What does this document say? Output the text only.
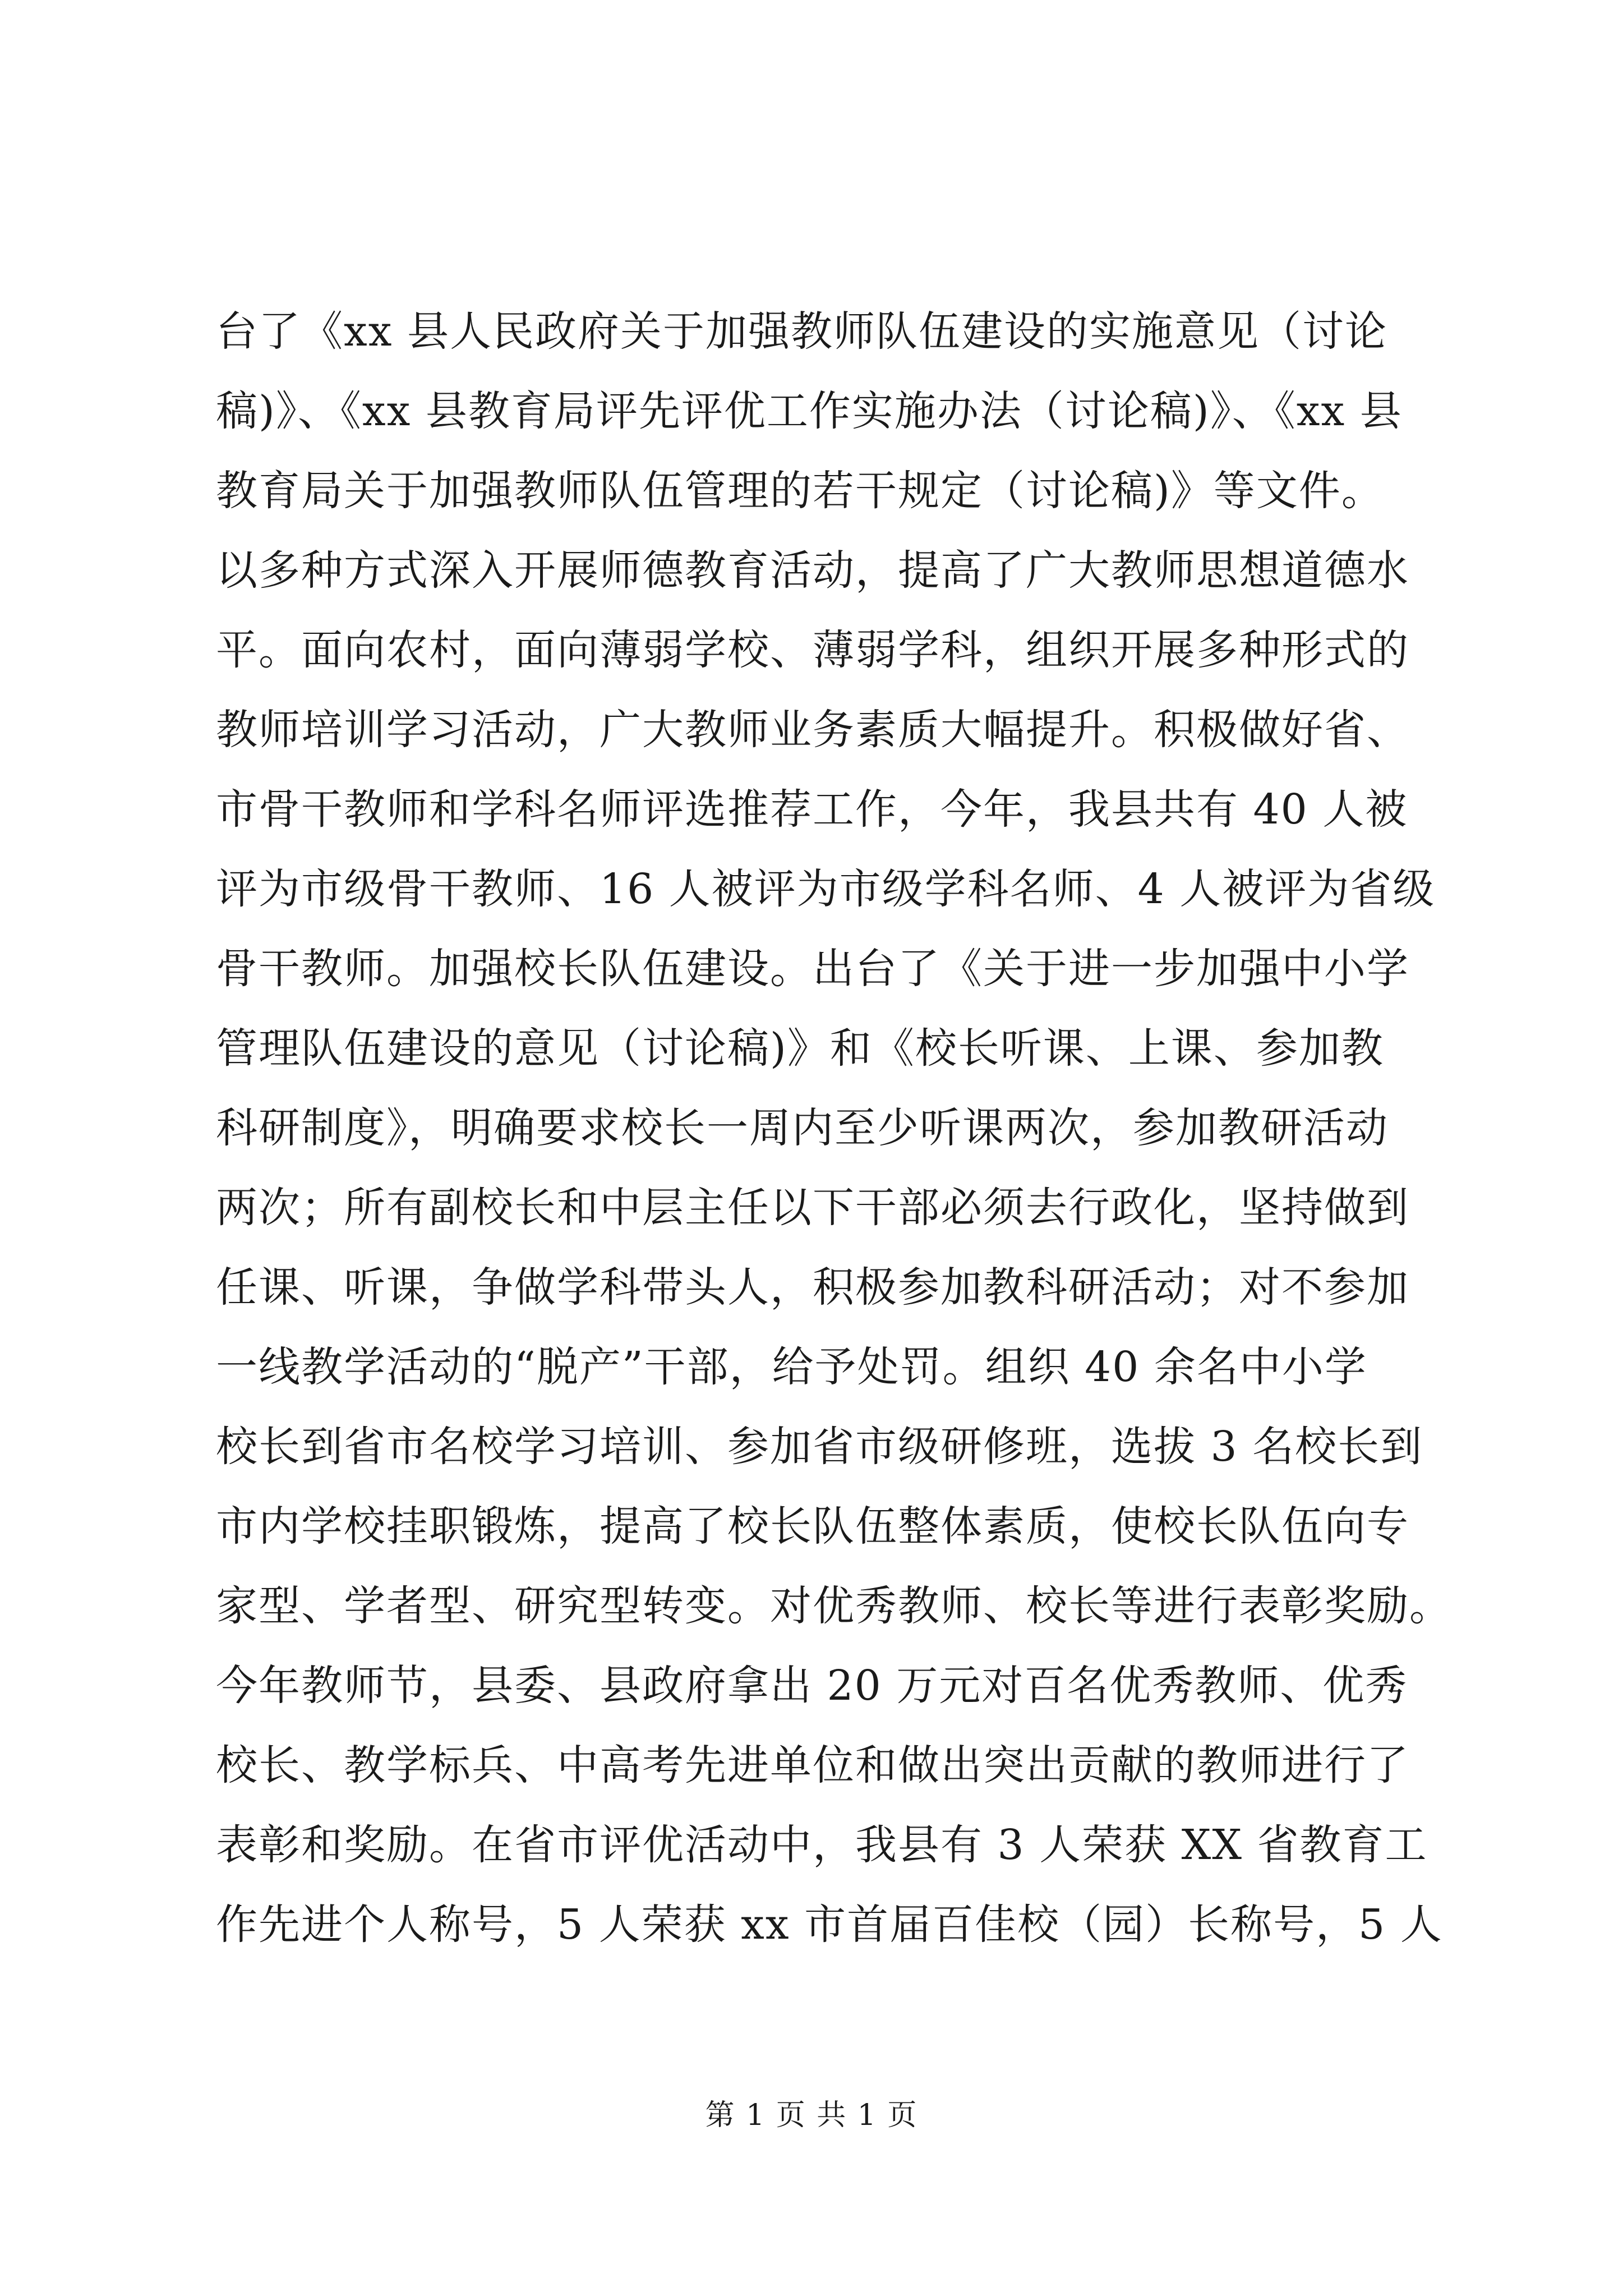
台了《xx 县人民政府关于加强教师队伍建设的实施意见（讨论
稿)》、《xx 县教育局评先评优工作实施办法（讨论稿)》、《xx 县
教育局关于加强教师队伍管理的若干规定（讨论稿)》等文件。
以多种方式深入开展师德教育活动，提高了广大教师思想道德水
平。面向农村，面向薄弱学校、薄弱学科，组织开展多种形式的
教师培训学习活动，广大教师业务素质大幅提升。积极做好省、
市骨干教师和学科名师评选推荐工作，今年，我县共有 40 人被
评为市级骨干教师、16 人被评为市级学科名师、4 人被评为省级
骨干教师。加强校长队伍建设。出台了《关于进一步加强中小学
管理队伍建设的意见（讨论稿)》和《校长听课、上课、参加教
科研制度》，明确要求校长一周内至少听课两次，参加教研活动
两次；所有副校长和中层主任以下干部必须去行政化，坚持做到
任课、听课，争做学科带头人，积极参加教科研活动；对不参加
一线教学活动的“脱产”干部，给予处罚。组织 40 余名中小学
校长到省市名校学习培训、参加省市级研修班，选拔 3 名校长到
市内学校挂职锻炼，提高了校长队伍整体素质，使校长队伍向专
家型、学者型、研究型转变。对优秀教师、校长等进行表彰奖励。
今年教师节，县委、县政府拿出 20 万元对百名优秀教师、优秀
校长、教学标兵、中高考先进单位和做出突出贡献的教师进行了
表彰和奖励。在省市评优活动中，我县有 3 人荣获 XX 省教育工
作先进个人称号，5 人荣获 xx 市首届百佳校（园）长称号，5 人
第 1 页 共 1 页
